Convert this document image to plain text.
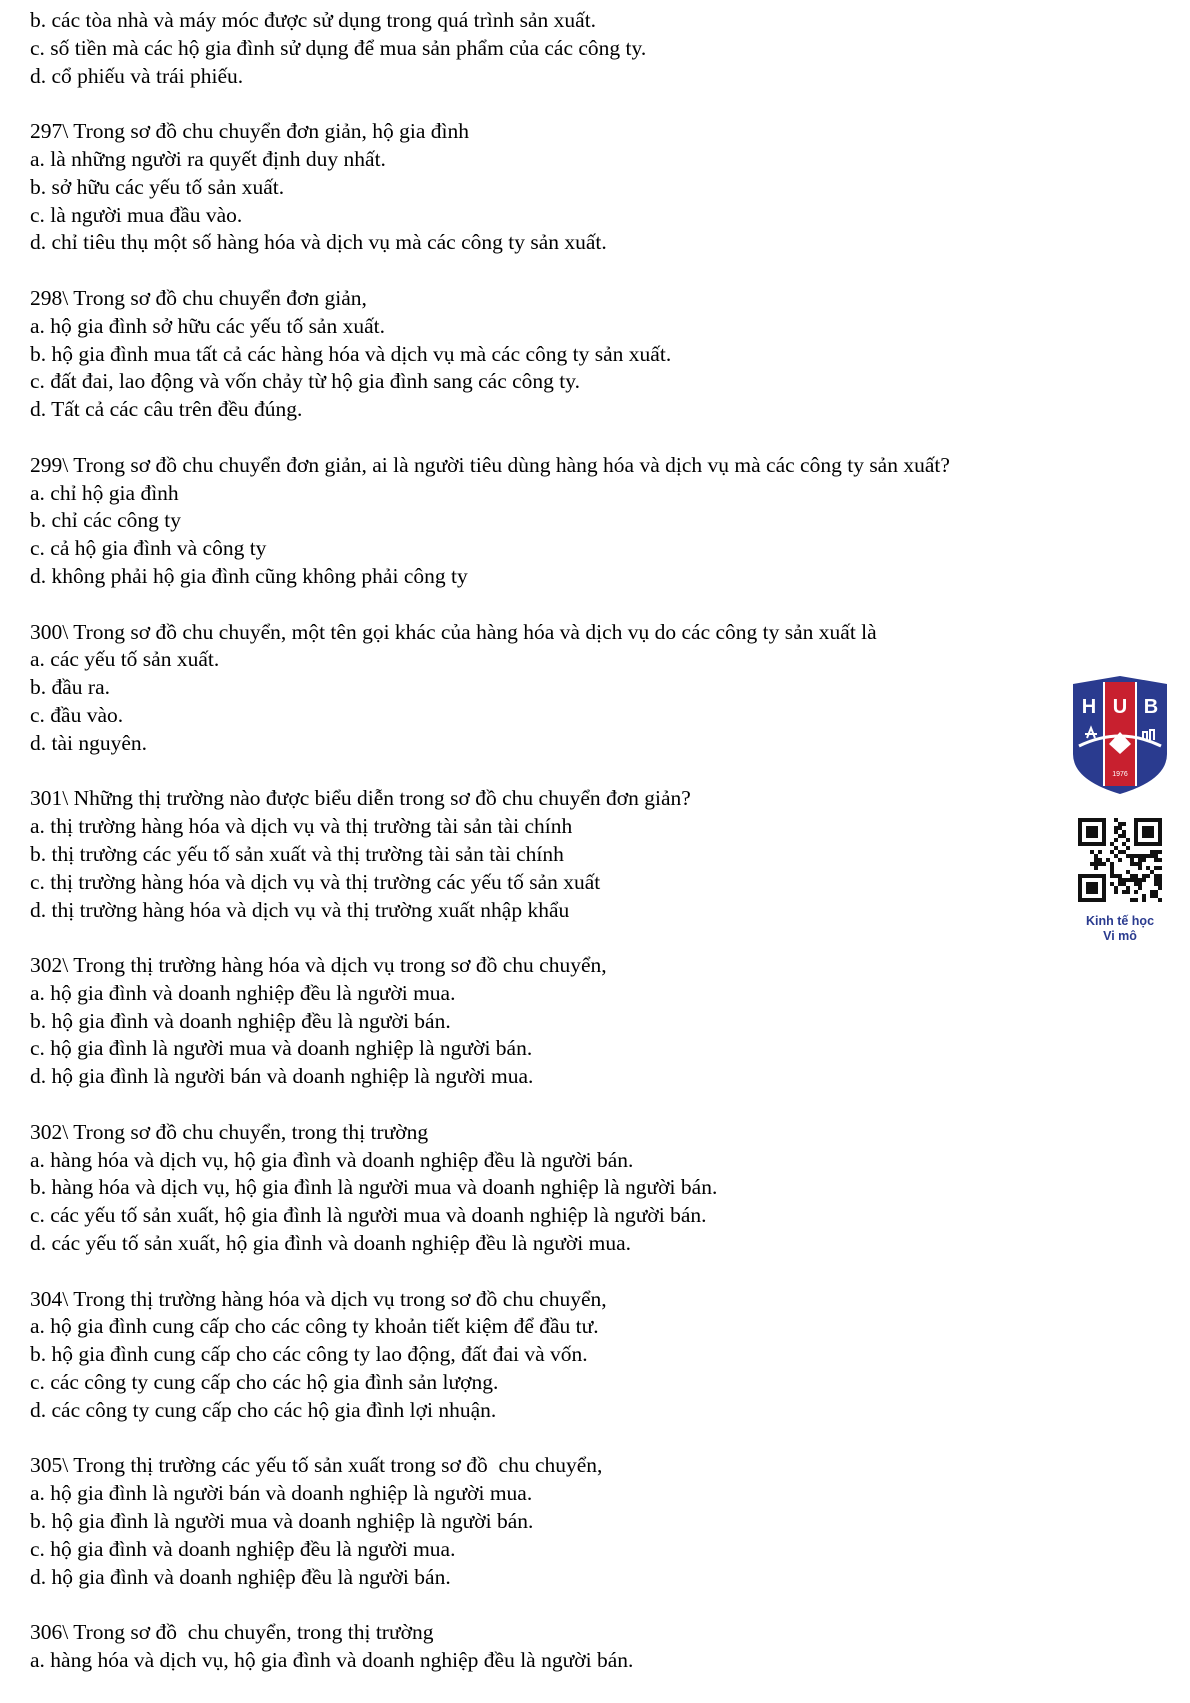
b. các tòa nhà và máy móc được sử dụng trong quá trình sản xuất.
c. số tiền mà các hộ gia đình sử dụng để mua sản phẩm của các công ty.
d. cổ phiếu và trái phiếu.
297\ Trong sơ đồ chu chuyển đơn giản, hộ gia đình
a. là những người ra quyết định duy nhất.
b. sở hữu các yếu tố sản xuất.
c. là người mua đầu vào.
d. chỉ tiêu thụ một số hàng hóa và dịch vụ mà các công ty sản xuất.
298\ Trong sơ đồ chu chuyển đơn giản,
a. hộ gia đình sở hữu các yếu tố sản xuất.
b. hộ gia đình mua tất cả các hàng hóa và dịch vụ mà các công ty sản xuất.
c. đất đai, lao động và vốn chảy từ hộ gia đình sang các công ty.
d. Tất cả các câu trên đều đúng.
299\ Trong sơ đồ chu chuyển đơn giản, ai là người tiêu dùng hàng hóa và dịch vụ mà các công ty sản xuất?
a. chỉ hộ gia đình
b. chỉ các công ty
c. cả hộ gia đình và công ty
d. không phải hộ gia đình cũng không phải công ty
300\ Trong sơ đồ chu chuyển, một tên gọi khác của hàng hóa và dịch vụ do các công ty sản xuất là
a. các yếu tố sản xuất.
b. đầu ra.
c. đầu vào.
d. tài nguyên.
301\ Những thị trường nào được biểu diễn trong sơ đồ chu chuyển đơn giản?
a. thị trường hàng hóa và dịch vụ và thị trường tài sản tài chính
b. thị trường các yếu tố sản xuất và thị trường tài sản tài chính
c. thị trường hàng hóa và dịch vụ và thị trường các yếu tố sản xuất
d. thị trường hàng hóa và dịch vụ và thị trường xuất nhập khẩu
302\ Trong thị trường hàng hóa và dịch vụ trong sơ đồ chu chuyển,
a. hộ gia đình và doanh nghiệp đều là người mua.
b. hộ gia đình và doanh nghiệp đều là người bán.
c. hộ gia đình là người mua và doanh nghiệp là người bán.
d. hộ gia đình là người bán và doanh nghiệp là người mua.
302\ Trong sơ đồ chu chuyển, trong thị trường
a. hàng hóa và dịch vụ, hộ gia đình và doanh nghiệp đều là người bán.
b. hàng hóa và dịch vụ, hộ gia đình là người mua và doanh nghiệp là người bán.
c. các yếu tố sản xuất, hộ gia đình là người mua và doanh nghiệp là người bán.
d. các yếu tố sản xuất, hộ gia đình và doanh nghiệp đều là người mua.
304\ Trong thị trường hàng hóa và dịch vụ trong sơ đồ chu chuyển,
a. hộ gia đình cung cấp cho các công ty khoản tiết kiệm để đầu tư.
b. hộ gia đình cung cấp cho các công ty lao động, đất đai và vốn.
c. các công ty cung cấp cho các hộ gia đình sản lượng.
d. các công ty cung cấp cho các hộ gia đình lợi nhuận.
305\ Trong thị trường các yếu tố sản xuất trong sơ đồ  chu chuyển,
a. hộ gia đình là người bán và doanh nghiệp là người mua.
b. hộ gia đình là người mua và doanh nghiệp là người bán.
c. hộ gia đình và doanh nghiệp đều là người mua.
d. hộ gia đình và doanh nghiệp đều là người bán.
306\ Trong sơ đồ  chu chuyển, trong thị trường
a. hàng hóa và dịch vụ, hộ gia đình và doanh nghiệp đều là người bán.
H U B
1976
Kinh tế học
Vi mô
